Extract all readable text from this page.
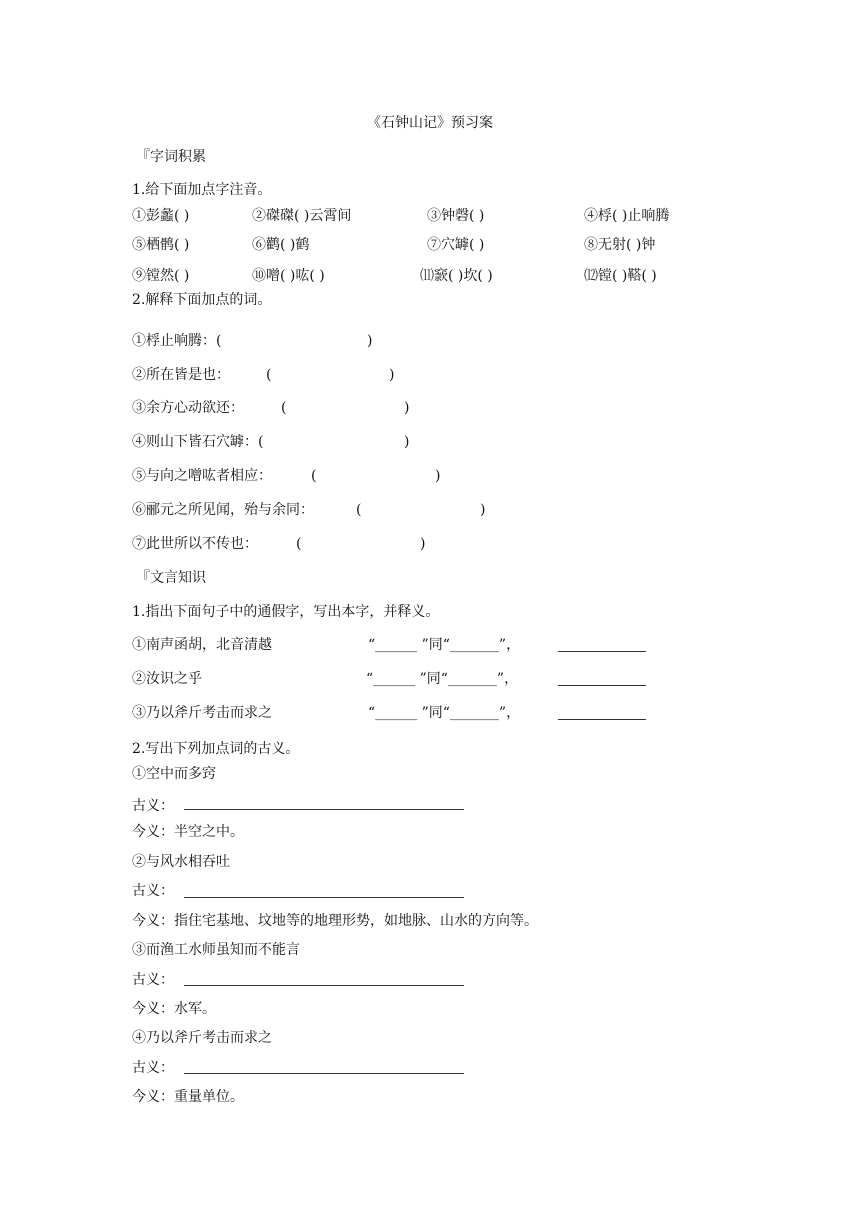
《石钟山记》预习案
『字词积累
1.给下面加点字注音。
①彭蠡( )	②磔磔( )云霄间	③钟磬( )	④桴( )止响腾
⑤栖鹘( )	⑥鹳( )鹤	⑦穴罅( )	⑧无射( )钟
⑨镗然( )	⑩噌( )吰( )	⑾窾( )坎( )	⑿镗( )鞳( )
2.解释下面加点的词。
①桴止响腾：(	)
②所在皆是也：	(	)
③余方心动欲还：	(	)
④则山下皆石穴罅：(	)
⑤与向之噌吰者相应：	(	)
⑥郦元之所见闻，殆与余同：	(	)
⑦此世所以不传也：	(	)
『文言知识
1.指出下面句子中的通假字，写出本字，并释义。
①南声函胡，北音清越	“______ ”同“_______”，
②汝识之乎	“______ ”同“_______”，
③乃以斧斤考击而求之	“______ ”同“_______”，
2.写出下列加点词的古义。
①空中而多窍
古义：
今义：半空之中。
②与风水相吞吐
古义：
今义：指住宅基地、坟地等的地理形势，如地脉、山水的方向等。
③而渔工水师虽知而不能言
古义：
今义：水军。
④乃以斧斤考击而求之
古义：
今义：重量单位。
